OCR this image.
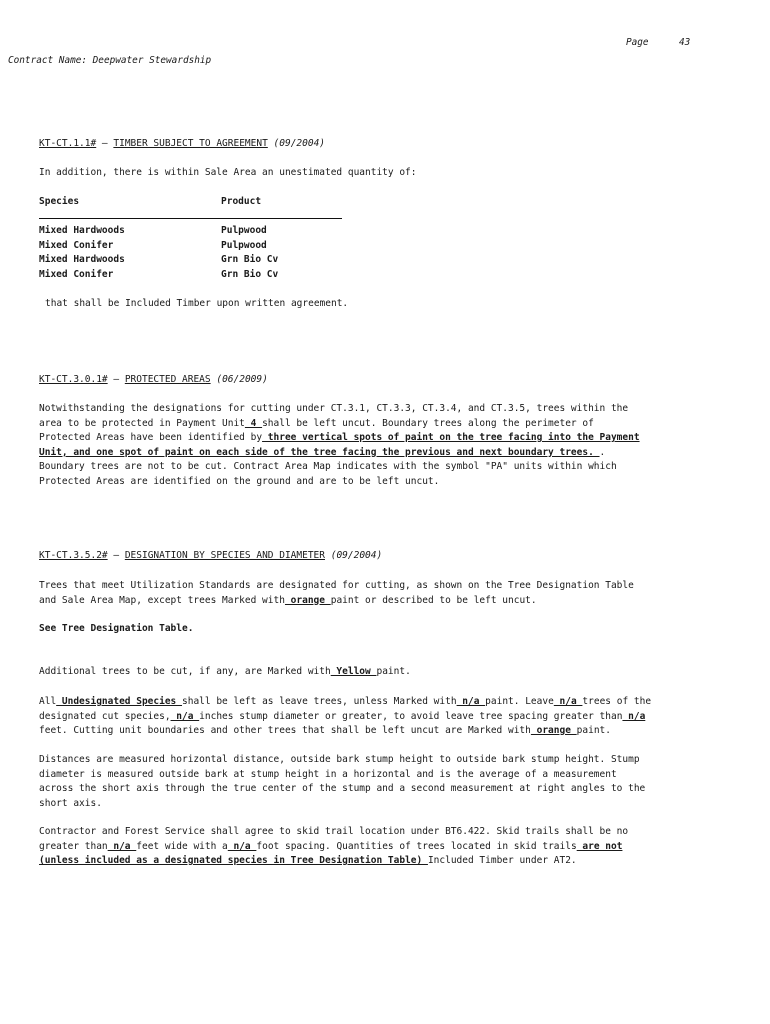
Page	43
Contract Name: Deepwater Stewardship
KT-CT.1.1# – TIMBER SUBJECT TO AGREEMENT (09/2004)
In addition, there is within Sale Area an unestimated quantity of:
Species	Product
Mixed Hardwoods	Pulpwood
Mixed Conifer	Pulpwood
Mixed Hardwoods	Grn Bio Cv
Mixed Conifer	Grn Bio Cv
that shall be Included Timber upon written agreement.
KT-CT.3.0.1# – PROTECTED AREAS (06/2009)
Notwithstanding the designations for cutting under CT.3.1, CT.3.3, CT.3.4, and CT.3.5, trees within the
area to be protected in Payment Unit 4 shall be left uncut. Boundary trees along the perimeter of
Protected Areas have been identified by three vertical spots of paint on the tree facing into the Payment
Unit, and one spot of paint on each side of the tree facing the previous and next boundary trees. .
Boundary trees are not to be cut. Contract Area Map indicates with the symbol "PA" units within which
Protected Areas are identified on the ground and are to be left uncut.
KT-CT.3.5.2# – DESIGNATION BY SPECIES AND DIAMETER (09/2004)
Trees that meet Utilization Standards are designated for cutting, as shown on the Tree Designation Table
and Sale Area Map, except trees Marked with orange paint or described to be left uncut.
See Tree Designation Table.
Additional trees to be cut, if any, are Marked with Yellow paint.
All Undesignated Species shall be left as leave trees, unless Marked with n/a paint. Leave n/a trees of the
designated cut species, n/a inches stump diameter or greater, to avoid leave tree spacing greater than n/a
feet. Cutting unit boundaries and other trees that shall be left uncut are Marked with orange paint.
Distances are measured horizontal distance, outside bark stump height to outside bark stump height. Stump
diameter is measured outside bark at stump height in a horizontal and is the average of a measurement
across the short axis through the true center of the stump and a second measurement at right angles to the
short axis.
Contractor and Forest Service shall agree to skid trail location under BT6.422. Skid trails shall be no
greater than n/a feet wide with a n/a foot spacing. Quantities of trees located in skid trails are not
(unless included as a designated species in Tree Designation Table) Included Timber under AT2.
